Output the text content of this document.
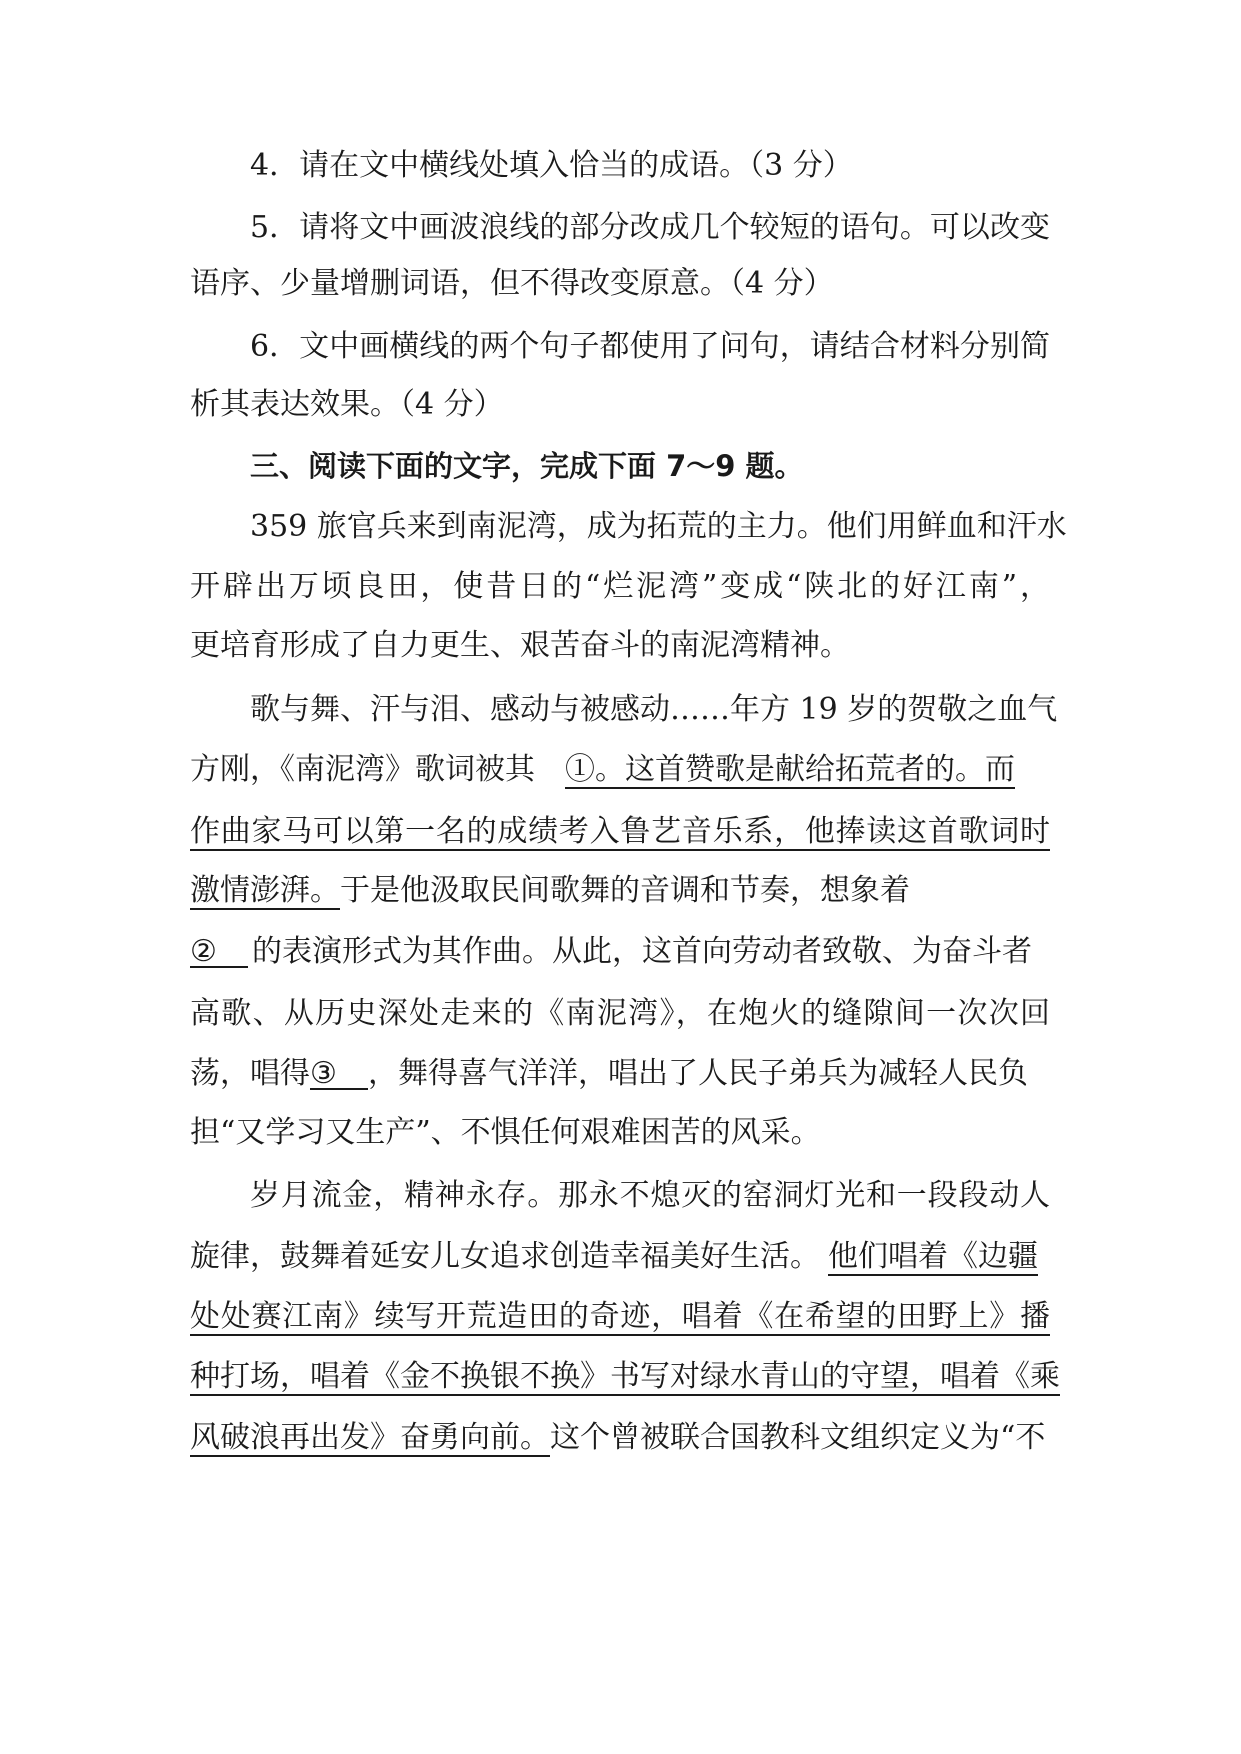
4．请在文中横线处填入恰当的成语。（3 分）
5．请将文中画波浪线的部分改成几个较短的语句。可以改变
语序、少量增删词语，但不得改变原意。（4 分）
6．文中画横线的两个句子都使用了问句，请结合材料分别简
析其表达效果。（4 分）
三、阅读下面的文字，完成下面 7～9 题。
359 旅官兵来到南泥湾，成为拓荒的主力。他们用鲜血和汗水
开辟出万顷良田，使昔日的“烂泥湾”变成“陕北的好江南”，
更培育形成了自力更生、艰苦奋斗的南泥湾精神。
歌与舞、汗与泪、感动与被感动……年方 19 岁的贺敬之血气
方刚，《南泥湾》歌词被其 ①。这首赞歌是献给拓荒者的。而
作曲家马可以第一名的成绩考入鲁艺音乐系，他捧读这首歌词时
激情澎湃。于是他汲取民间歌舞的音调和节奏，想象着
② 的表演形式为其作曲。从此，这首向劳动者致敬、为奋斗者
高歌、从历史深处走来的《南泥湾》，在炮火的缝隙间一次次回
荡，唱得③ ，舞得喜气洋洋，唱出了人民子弟兵为减轻人民负
担“又学习又生产”、不惧任何艰难困苦的风采。
岁月流金，精神永存。那永不熄灭的窑洞灯光和一段段动人
旋律，鼓舞着延安儿女追求创造幸福美好生活。 他们唱着《边疆
处处赛江南》续写开荒造田的奇迹，唱着《在希望的田野上》播
种打场，唱着《金不换银不换》书写对绿水青山的守望，唱着《乘
风破浪再出发》奋勇向前。这个曾被联合国教科文组织定义为“不
